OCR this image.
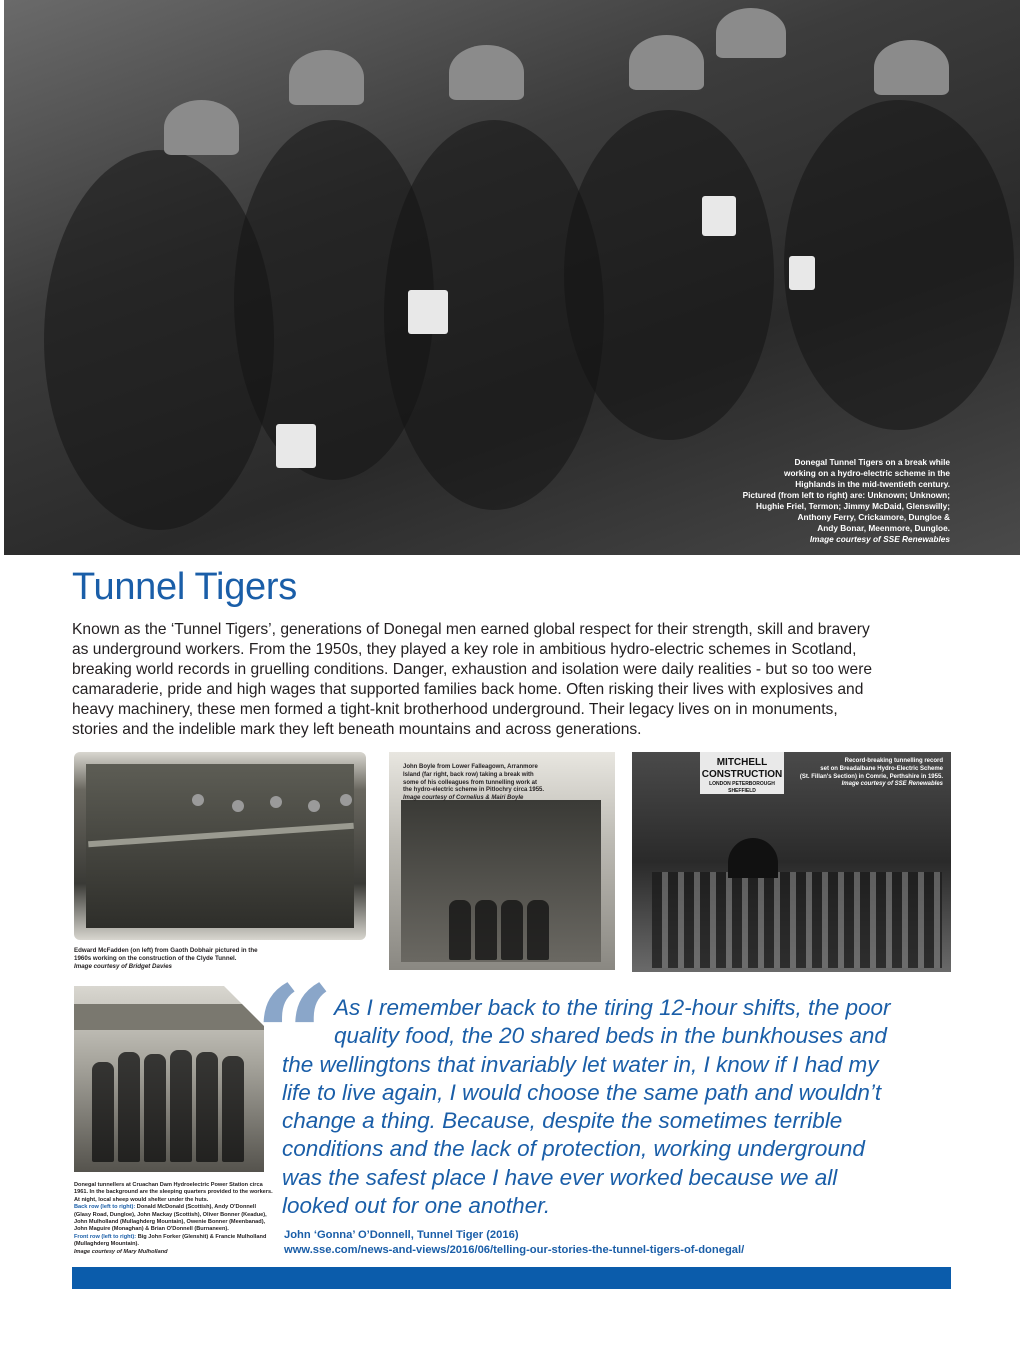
Donegal Tunnel Tigers on a break while
working on a hydro-electric scheme in the
Highlands in the mid-twentieth century.
Pictured (from left to right) are: Unknown; Unknown;
Hughie Friel, Termon; Jimmy McDaid, Glenswilly;
Anthony Ferry, Crickamore, Dungloe &
Andy Bonar, Meenmore, Dungloe.
Image courtesy of SSE Renewables
Tunnel Tigers
Known as the ‘Tunnel Tigers’, generations of Donegal men earned global respect for their strength, skill and bravery
as underground workers. From the 1950s, they played a key role in ambitious hydro-electric schemes in Scotland,
breaking world records in gruelling conditions. Danger, exhaustion and isolation were daily realities - but so too were
camaraderie, pride and high wages that supported families back home. Often risking their lives with explosives and
heavy machinery, these men formed a tight-knit brotherhood underground. Their legacy lives on in monuments,
stories and the indelible mark they left beneath mountains and across generations.
Edward McFadden (on left) from Gaoth Dobhair pictured in the
1960s working on the construction of the Clyde Tunnel.
Image courtesy of Bridget Davies
John Boyle from Lower Falleagown, Arranmore
Island (far right, back row) taking a break with
some of his colleagues from tunnelling work at
the hydro-electric scheme in Pitlochry circa 1955.
Image courtesy of Cornelius & Mairi Boyle
Record-breaking tunnelling record
set on Breadalbane Hydro-Electric Scheme
(St. Fillan's Section) in Comrie, Perthshire in 1955.
Image courtesy of SSE Renewables
MITCHELL
CONSTRUCTION
LONDON PETERBOROUGH SHEFFIELD
Donegal tunnellers at Cruachan Dam Hydroelectric Power Station circa
1961. In the background are the sleeping quarters provided to the workers.
At night, local sheep would shelter under the huts.
Back row (left to right): Donald McDonald (Scottish), Andy O'Donnell
(Glasy Road, Dungloe), John Mackay (Scottish), Oliver Bonner (Keadue),
John Mulholland (Mullaghderg Mountain), Owenie Bonner (Meenbanad),
John Maguire (Monaghan) & Brian O'Donnell (Burnaneen).
Front row (left to right): Big John Forker (Glenshit) & Francie Mulholland
(Mullaghderg Mountain).
Image courtesy of Mary Mulholland
“ As I remember back to the tiring 12-hour shifts, the poor
quality food, the 20 shared beds in the bunkhouses and
the wellingtons that invariably let water in, I know if I had my
life to live again, I would choose the same path and wouldn’t
change a thing. Because, despite the sometimes terrible
conditions and the lack of protection, working underground
was the safest place I have ever worked because we all
looked out for one another.
John ‘Gonna’ O’Donnell, Tunnel Tiger (2016)
www.sse.com/news-and-views/2016/06/telling-our-stories-the-tunnel-tigers-of-donegal/
